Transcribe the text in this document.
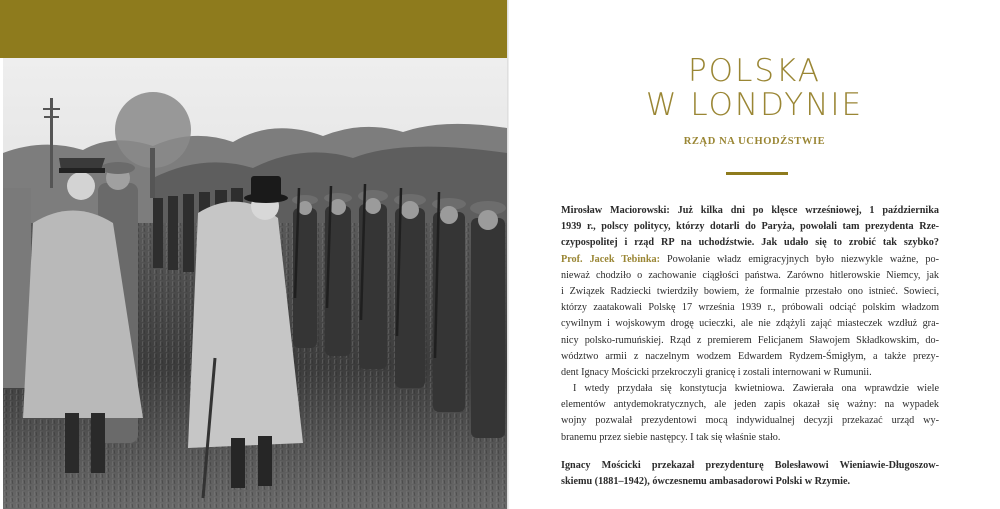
POLSKA
W LONDYNIE
RZĄD NA UCHODŹSTWIE
Mirosław Maciorowski: Już kilka dni po klęsce wrześniowej, 1 października
1939 r., polscy politycy, którzy dotarli do Paryża, powołali tam prezydenta Rze-
czypospolitej i rząd RP na uchodźstwie. Jak udało się to zrobić tak szybko?
Prof. Jacek Tebinka: Powołanie władz emigracyjnych było niezwykle ważne, po-
nieważ chodziło o zachowanie ciągłości państwa. Zarówno hitlerowskie Niemcy, jak
i Związek Radziecki twierdziły bowiem, że formalnie przestało ono istnieć. Sowieci,
którzy zaatakowali Polskę 17 września 1939 r., próbowali odciąć polskim władzom
cywilnym i wojskowym drogę ucieczki, ale nie zdążyli zająć miasteczek wzdłuż gra-
nicy polsko-rumuńskiej. Rząd z premierem Felicjanem Sławojem Składkowskim, do-
wództwo armii z naczelnym wodzem Edwardem Rydzem-Śmigłym, a także prezy-
dent Ignacy Mościcki przekroczyli granicę i zostali internowani w Rumunii.
I wtedy przydała się konstytucja kwietniowa. Zawierała ona wprawdzie wiele
elementów antydemokratycznych, ale jeden zapis okazał się ważny: na wypadek
wojny pozwalał prezydentowi mocą indywidualnej decyzji przekazać urząd wy-
branemu przez siebie następcy. I tak się właśnie stało.
Ignacy Mościcki przekazał prezydenturę Bolesławowi Wieniawie-Długoszow-
skiemu (1881–1942), ówczesnemu ambasadorowi Polski w Rzymie.
